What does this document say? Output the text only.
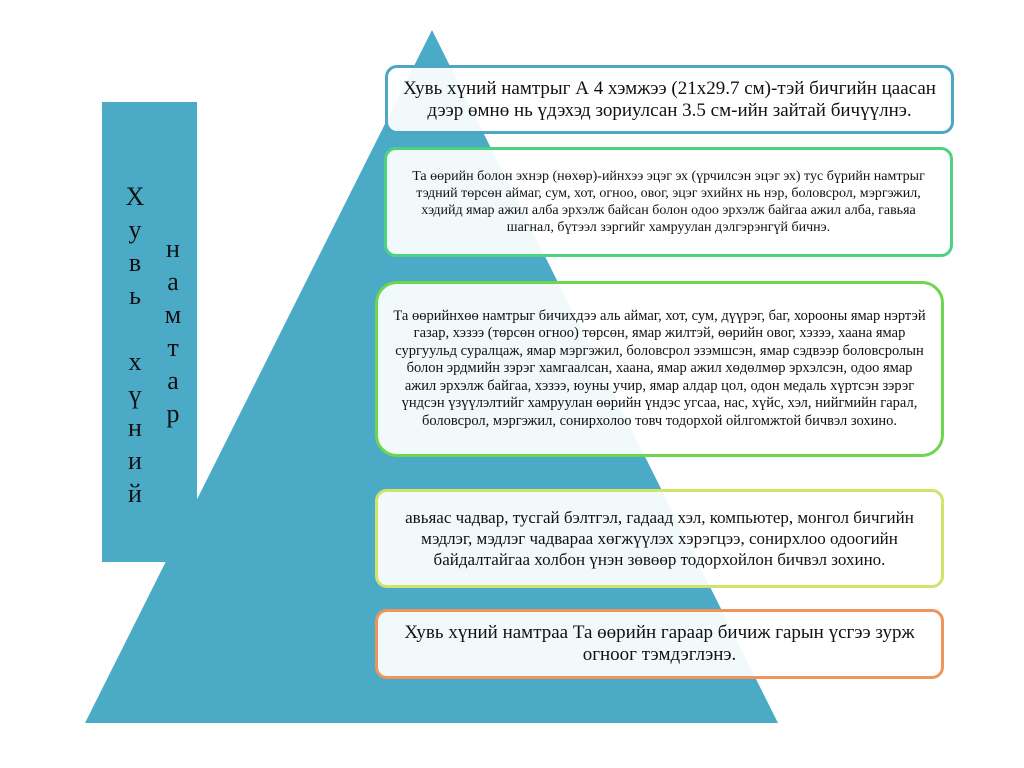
Х
у
в
ь
х
ү
н
и
й
н
а
м
т
а
р
Хувь хүний намтрыг А 4 хэмжээ (21х29.7 см)-тэй бичгийн цаасан дээр өмнө нь үдэхэд зориулсан 3.5 см-ийн зайтай бичүүлнэ.
Та өөрийн болон эхнэр (нөхөр)-ийнхээ эцэг эх (үрчилсэн эцэг эх) тус бүрийн намтрыг тэдний төрсөн аймаг, сум, хот, огноо, овог, эцэг эхийнх нь нэр, боловсрол, мэргэжил, хэдийд ямар ажил алба эрхэлж байсан болон одоо эрхэлж байгаа ажил алба, гавьяа шагнал, бүтээл зэргийг хамруулан дэлгэрэнгүй бичнэ.
Та өөрийнхөө намтрыг бичихдээ аль аймаг, хот, сум, дүүрэг, баг, хорооны ямар нэртэй газар, хэзээ (төрсөн огноо) төрсөн, ямар жилтэй, өөрийн овог, хэзээ, хаана ямар сургуульд суралцаж, ямар мэргэжил, боловсрол эзэмшсэн, ямар сэдвээр боловсролын болон эрдмийн зэрэг хамгаалсан, хаана, ямар ажил хөдөлмөр эрхэлсэн, одоо ямар ажил эрхэлж байгаа, хэзээ, юуны учир, ямар алдар цол, одон медаль хүртсэн зэрэг үндсэн үзүүлэлтийг хамруулан өөрийн үндэс угсаа, нас, хүйс, хэл, нийгмийн гарал, боловсрол, мэргэжил, сонирхолоо товч тодорхой ойлгомжтой бичвэл зохино.
авьяас чадвар, тусгай бэлтгэл, гадаад хэл, компьютер, монгол бичгийн мэдлэг, мэдлэг чадвараа хөгжүүлэх хэрэгцээ, сонирхлоо одоогийн байдалтайгаа холбон үнэн зөвөөр тодорхойлон бичвэл зохино.
Хувь хүний намтраа Та өөрийн гараар бичиж гарын үсгээ зурж огноог тэмдэглэнэ.
